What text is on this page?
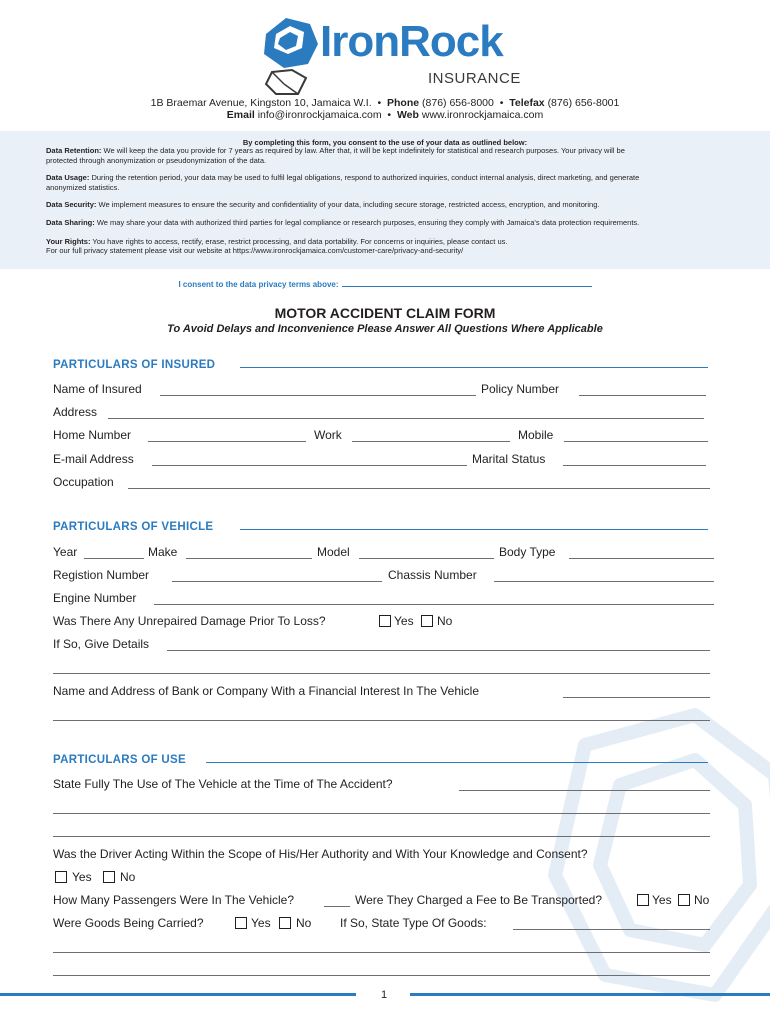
IronRock
INSURANCE
1B Braemar Avenue, Kingston 10, Jamaica W.I. • Phone (876) 656-8000 • Telefax (876) 656-8001
Email info@ironrockjamaica.com • Web www.ironrockjamaica.com
By completing this form, you consent to the use of your data as outlined below:
Data Retention: We will keep the data you provide for 7 years as required by law. After that, it will be kept indefinitely for statistical and research purposes. Your privacy will be
protected through anonymization or pseudonymization of the data.
Data Usage: During the retention period, your data may be used to fulfil legal obligations, respond to authorized inquiries, conduct internal analysis, direct marketing, and generate
anonymized statistics.
Data Security: We implement measures to ensure the security and confidentiality of your data, including secure storage, restricted access, encryption, and monitoring.
Data Sharing: We may share your data with authorized third parties for legal compliance or research purposes, ensuring they comply with Jamaica's data protection requirements.
Your Rights: You have rights to access, rectify, erase, restrict processing, and data portability. For concerns or inquiries, please contact us.
For our full privacy statement please visit our website at https://www.ironrockjamaica.com/customer-care/privacy-and-security/
I consent to the data privacy terms above:
MOTOR ACCIDENT CLAIM FORM
To Avoid Delays and Inconvenience Please Answer All Questions Where Applicable
PARTICULARS OF INSURED
Name of Insured	Policy Number
Address
Home Number	Work	Mobile
E-mail Address	Marital Status
Occupation
PARTICULARS OF VEHICLE
Year	Make	Model	Body Type
Registion Number	Chassis Number
Engine Number
Was There Any Unrepaired Damage Prior To Loss?	Yes No
If So, Give Details
Name and Address of Bank or Company With a Financial Interest In The Vehicle
PARTICULARS OF USE
State Fully The Use of The Vehicle at the Time of The Accident?
Was the Driver Acting Within the Scope of His/Her Authority and With Your Knowledge and Consent?
Yes No
How Many Passengers Were In The Vehicle?	Were They Charged a Fee to Be Transported?	Yes No
Were Goods Being Carried?	Yes No If So, State Type Of Goods:
1
